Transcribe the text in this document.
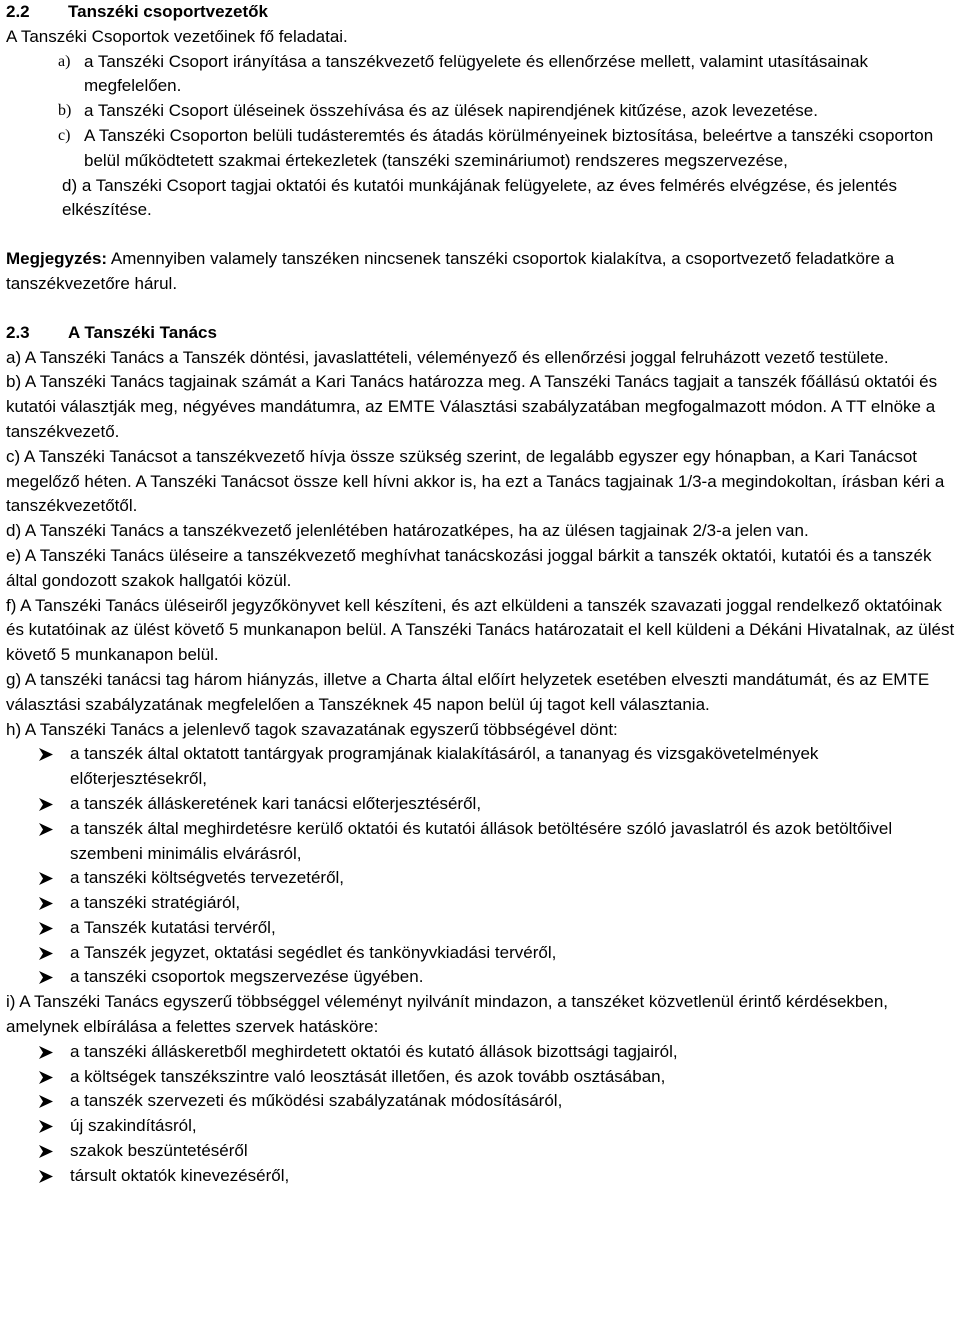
2.2 Tanszéki csoportvezetők
A Tanszéki Csoportok vezetőinek fő feladatai.
a) a Tanszéki Csoport irányítása a tanszékvezető felügyelete és ellenőrzése mellett, valamint utasításainak megfelelően.
b) a Tanszéki Csoport üléseinek összehívása és az ülések napirendjének kitűzése, azok levezetése.
c) A Tanszéki Csoporton belüli tudásteremtés és átadás körülményeinek biztosítása, beleértve a tanszéki csoporton belül működtetett szakmai értekezletek (tanszéki szemináriumot) rendszeres megszervezése,
d) a Tanszéki Csoport tagjai oktatói és kutatói munkájának felügyelete, az éves felmérés elvégzése, és jelentés elkészítése.
Megjegyzés: Amennyiben valamely tanszéken nincsenek tanszéki csoportok kialakítva, a csoportvezető feladatköre a tanszékvezetőre hárul.
2.3 A Tanszéki Tanács
a) A Tanszéki Tanács a Tanszék döntési, javaslattételi, véleményező és ellenőrzési joggal felruházott vezető testülete.
b) A Tanszéki Tanács tagjainak számát a Kari Tanács határozza meg. A Tanszéki Tanács tagjait a tanszék főállású oktatói és kutatói választják meg, négyéves mandátumra, az EMTE Választási szabályzatában megfogalmazott módon. A TT elnöke a tanszékvezető.
c) A Tanszéki Tanácsot a tanszékvezető hívja össze szükség szerint, de legalább egyszer egy hónapban, a Kari Tanácsot megelőző héten. A Tanszéki Tanácsot össze kell hívni akkor is, ha ezt a Tanács tagjainak 1/3-a megindokoltan, írásban kéri a tanszékvezetőtől.
d) A Tanszéki Tanács a tanszékvezető jelenlétében határozatképes, ha az ülésen tagjainak 2/3-a jelen van.
e) A Tanszéki Tanács üléseire a tanszékvezető meghívhat tanácskozási joggal bárkit a tanszék oktatói, kutatói és a tanszék által gondozott szakok hallgatói közül.
f) A Tanszéki Tanács üléseiről jegyzőkönyvet kell készíteni, és azt elküldeni a tanszék szavazati joggal rendelkező oktatóinak és kutatóinak az ülést követő 5 munkanapon belül. A Tanszéki Tanács határozatait el kell küldeni a Dékáni Hivatalnak, az ülést követő 5 munkanapon belül.
g) A tanszéki tanácsi tag három hiányzás, illetve a Charta által előírt helyzetek esetében elveszti mandátumát, és az EMTE választási szabályzatának megfelelően a Tanszéknek 45 napon belül új tagot kell választania.
h) A Tanszéki Tanács a jelenlevő tagok szavazatának egyszerű többségével dönt:
a tanszék által oktatott tantárgyak programjának kialakításáról, a tananyag és vizsgakövetelmények előterjesztésekről,
a tanszék álláskeretének kari tanácsi előterjesztéséről,
a tanszék által meghirdetésre kerülő oktatói és kutatói állások betöltésére szóló javaslatról és azok betöltőivel szembeni minimális elvárásról,
a tanszéki költségvetés tervezetéről,
a tanszéki stratégiáról,
a Tanszék kutatási tervéről,
a Tanszék jegyzet, oktatási segédlet és tankönyvkiadási tervéről,
a tanszéki csoportok megszervezése ügyében.
i) A Tanszéki Tanács egyszerű többséggel véleményt nyilvánít mindazon, a tanszéket közvetlenül érintő kérdésekben, amelynek elbírálása a felettes szervek hatásköre:
a tanszéki álláskeretből meghirdetett oktatói és kutató állások bizottsági tagjairól,
a költségek tanszékszintre való leosztását illetően, és azok tovább osztásában,
a tanszék szervezeti és működési szabályzatának módosításáról,
új szakindításról,
szakok beszüntetéséről
társult oktatók kinevezéséről,
